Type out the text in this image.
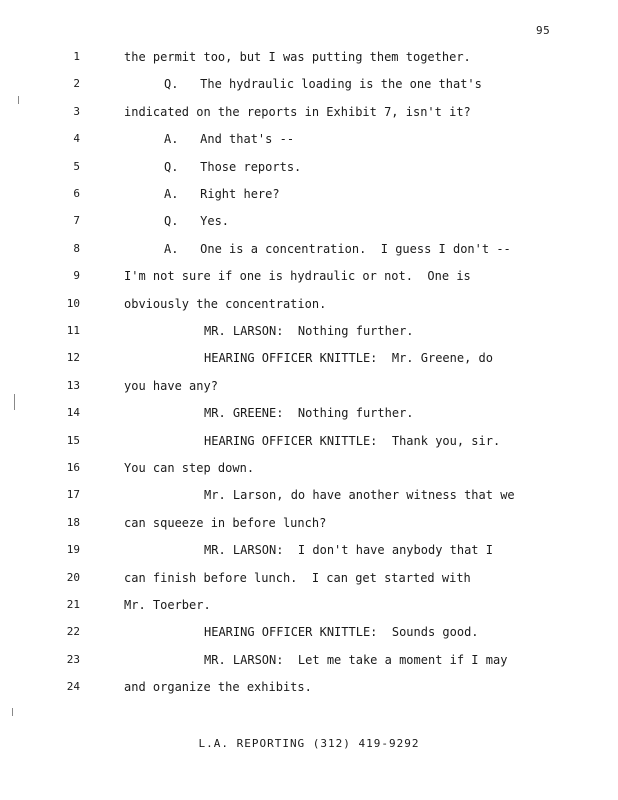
95
1	the permit too, but I was putting them together.
2	Q.   The hydraulic loading is the one that's
3	indicated on the reports in Exhibit 7, isn't it?
4	A.   And that's --
5	Q.   Those reports.
6	A.   Right here?
7	Q.   Yes.
8	A.   One is a concentration.  I guess I don't --
9	I'm not sure if one is hydraulic or not.  One is
10	obviously the concentration.
11	MR. LARSON:  Nothing further.
12	HEARING OFFICER KNITTLE:  Mr. Greene, do
13	you have any?
14	MR. GREENE:  Nothing further.
15	HEARING OFFICER KNITTLE:  Thank you, sir.
16	You can step down.
17	Mr. Larson, do have another witness that we
18	can squeeze in before lunch?
19	MR. LARSON:  I don't have anybody that I
20	can finish before lunch.  I can get started with
21	Mr. Toerber.
22	HEARING OFFICER KNITTLE:  Sounds good.
23	MR. LARSON:  Let me take a moment if I may
24	and organize the exhibits.
L.A. REPORTING (312) 419-9292
